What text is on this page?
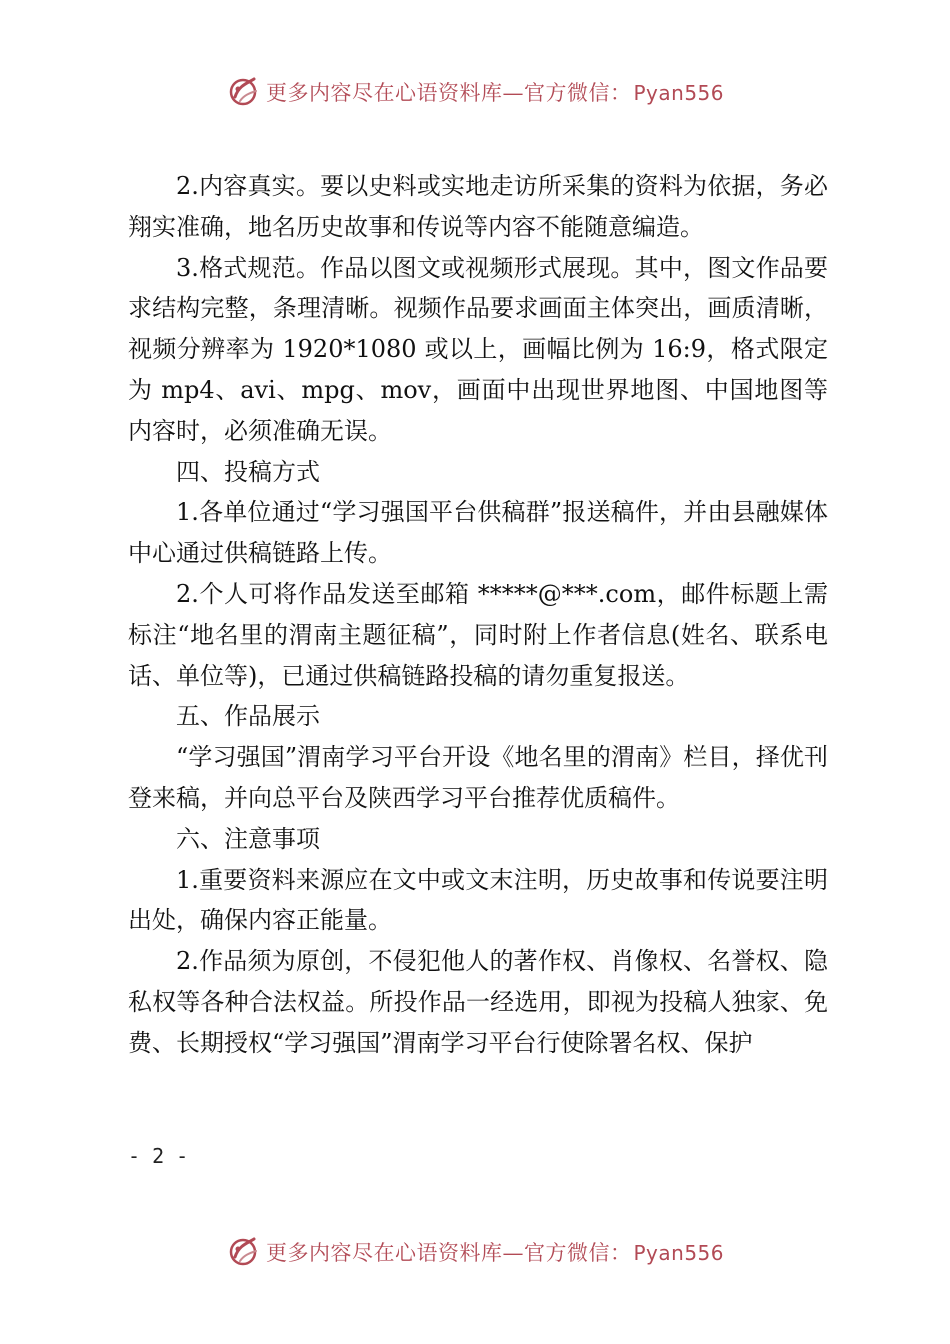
更多内容尽在心语资料库—官方微信： Pyan556

2.内容真实。要以史料或实地走访所采集的资料为依据，务必翔实准确，地名历史故事和传说等内容不能随意编造。

3.格式规范。作品以图文或视频形式展现。其中，图文作品要求结构完整，条理清晰。视频作品要求画面主体突出，画质清晰，视频分辨率为 1920*1080 或以上，画幅比例为 16:9，格式限定为 mp4、avi、mpg、mov，画面中出现世界地图、中国地图等内容时，必须准确无误。

四、投稿方式

1.各单位通过“学习强国平台供稿群”报送稿件，并由县融媒体中心通过供稿链路上传。

2.个人可将作品发送至邮箱 *****@***.com，邮件标题上需标注“地名里的渭南主题征稿”，同时附上作者信息(姓名、联系电话、单位等)，已通过供稿链路投稿的请勿重复报送。

五、作品展示

“学习强国”渭南学习平台开设《地名里的渭南》栏目，择优刊登来稿，并向总平台及陕西学习平台推荐优质稿件。

六、注意事项

1.重要资料来源应在文中或文末注明，历史故事和传说要注明出处，确保内容正能量。

2.作品须为原创，不侵犯他人的著作权、肖像权、名誉权、隐私权等各种合法权益。所投作品一经选用，即视为投稿人独家、免费、长期授权“学习强国”渭南学习平台行使除署名权、保护

- 2 -
更多内容尽在心语资料库—官方微信： Pyan556
